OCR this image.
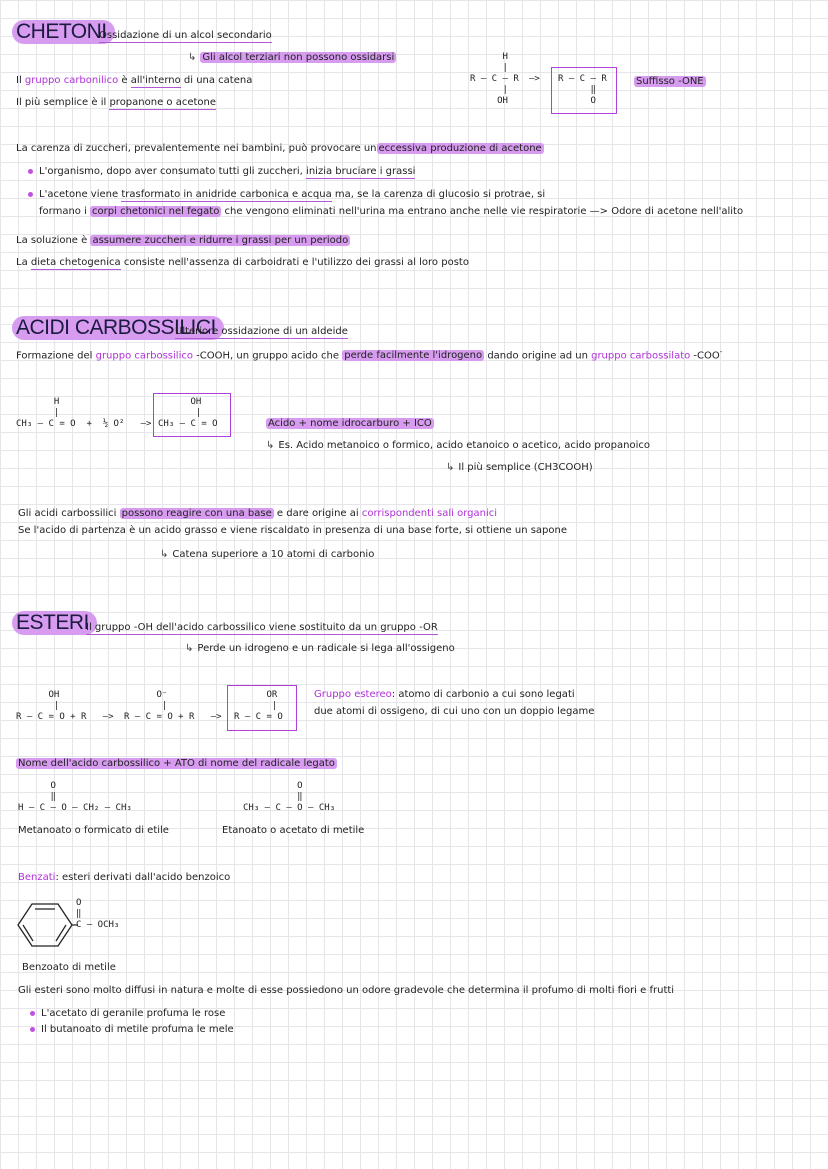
CHETONI
Ossidazione di un alcol secondario
↳ Gli alcol terziari non possono ossidarsi
Il gruppo carbonilico è all'interno di una catena
Il più semplice è il propanone o acetone
H
|
R — C — R
|
OH
—> R — C — R
‖
O
Suffisso -ONE
La carenza di zuccheri, prevalentemente nei bambini, può provocare un eccessiva produzione di acetone
L'organismo, dopo aver consumato tutti gli zuccheri, inizia bruciare i grassi
L'acetone viene trasformato in anidride carbonica e acqua ma, se la carenza di glucosio si protrae, si
formano i corpi chetonici nel fegato che vengono eliminati nell'urina ma entrano anche nelle vie respiratorie —> Odore di acetone nell'alito
La soluzione è assumere zuccheri e ridurre i grassi per un periodo
La dieta chetogenica consiste nell'assenza di carboidrati e l'utilizzo dei grassi al loro posto
ACIDI CARBOSSILICI
Ulteriore ossidazione di un aldeide
Formazione del gruppo carbossilico -COOH, un gruppo acido che perde facilmente l'idrogeno dando origine ad un gruppo carbossilato -COO-
H
|
CH₃ — C = O  +  ½ O²   —>
OH
|
CH₃ — C = O	Acido + nome idrocarburo + ICO
↳ Es. Acido metanoico o formico, acido etanoico o acetico, acido propanoico
↳ Il più semplice (CH3COOH)
Gli acidi carbossilici possono reagire con una base e dare origine ai corrispondenti sali organici
Se l'acido di partenza è un acido grasso e viene riscaldato in presenza di una base forte, si ottiene un sapone
↳ Catena superiore a 10 atomi di carbonio
ESTERI
Il gruppo -OH dell'acido carbossilico viene sostituito da un gruppo -OR
↳ Perde un idrogeno e un radicale si lega all'ossigeno
OH
|
R — C = O + R   —>
O⁻
|
R — C = O + R   —>
OR
|
R — C = O
Gruppo estereo: atomo di carbonio a cui sono legati
due atomi di ossigeno, di cui uno con un doppio legame
Nome dell'acido carbossilico + ATO di nome del radicale legato
O
‖
H — C — O — CH₂ — CH₃
Metanoato o formicato di etile
O
‖
CH₃ — C — O — CH₃
Etanoato o acetato di metile
Benzati: esteri derivati dall'acido benzoico
O
‖
C — OCH₃
Benzoato di metile
Gli esteri sono molto diffusi in natura e molte di esse possiedono un odore gradevole che determina il profumo di molti fiori e frutti
L'acetato di geranile profuma le rose
Il butanoato di metile profuma le mele
